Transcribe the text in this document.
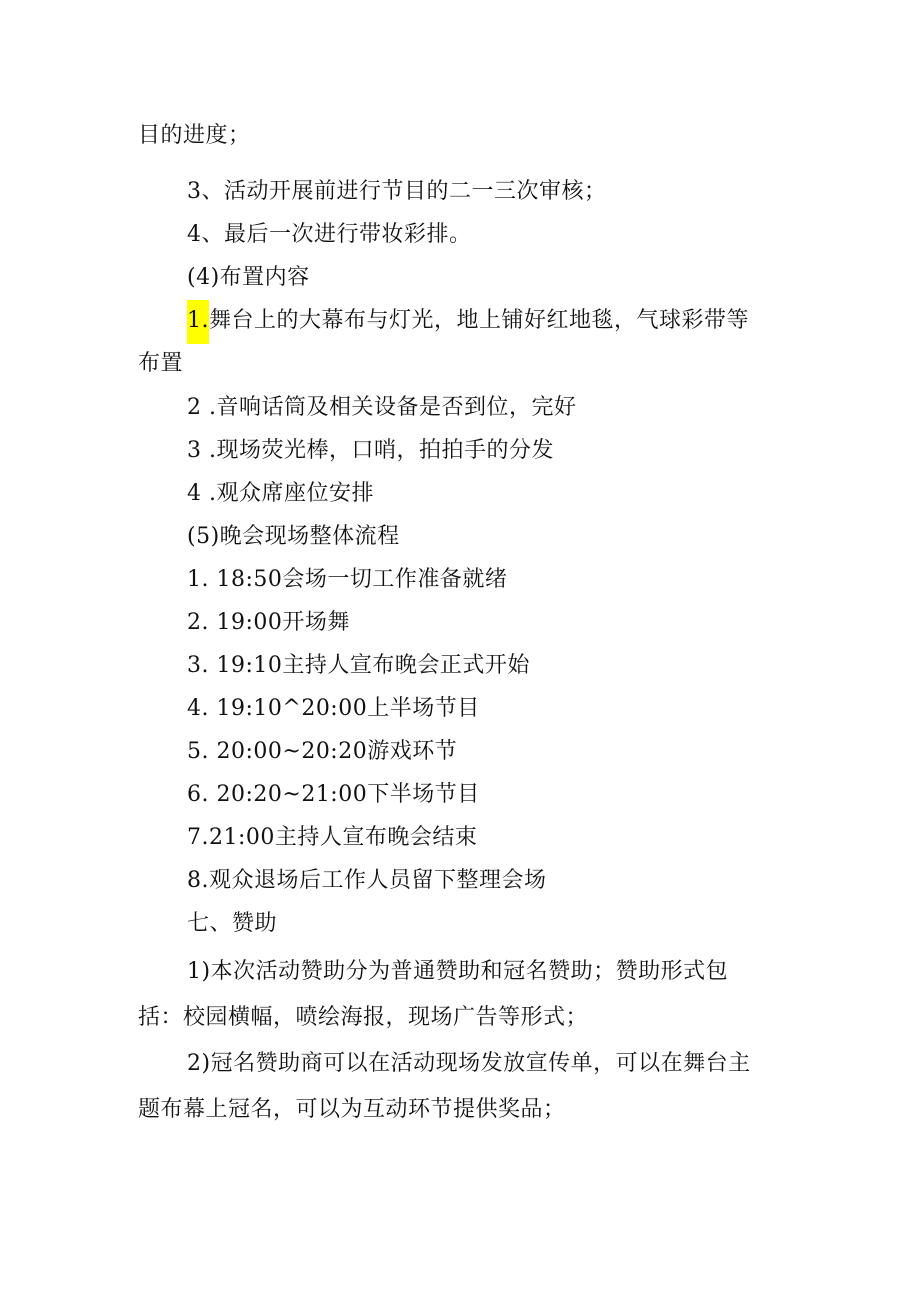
目的进度；
3、活动开展前进行节目的二一三次审核；
4、最后一次进行带妆彩排。
(4)布置内容
1.舞台上的大幕布与灯光，地上铺好红地毯，气球彩带等
布置
2 .音响话筒及相关设备是否到位，完好
3 .现场荧光棒，口哨，拍拍手的分发
4 .观众席座位安排
(5)晚会现场整体流程
1. 18:50会场一切工作准备就绪
2. 19:00开场舞
3. 19:10主持人宣布晚会正式开始
4. 19:10^20:00上半场节目
5. 20:00~20:20游戏环节
6. 20:20~21:00下半场节目
7.21:00主持人宣布晚会结束
8.观众退场后工作人员留下整理会场
七、赞助
1)本次活动赞助分为普通赞助和冠名赞助；赞助形式包
括：校园横幅，喷绘海报，现场广告等形式；
2)冠名赞助商可以在活动现场发放宣传单，可以在舞台主
题布幕上冠名，可以为互动环节提供奖品；
